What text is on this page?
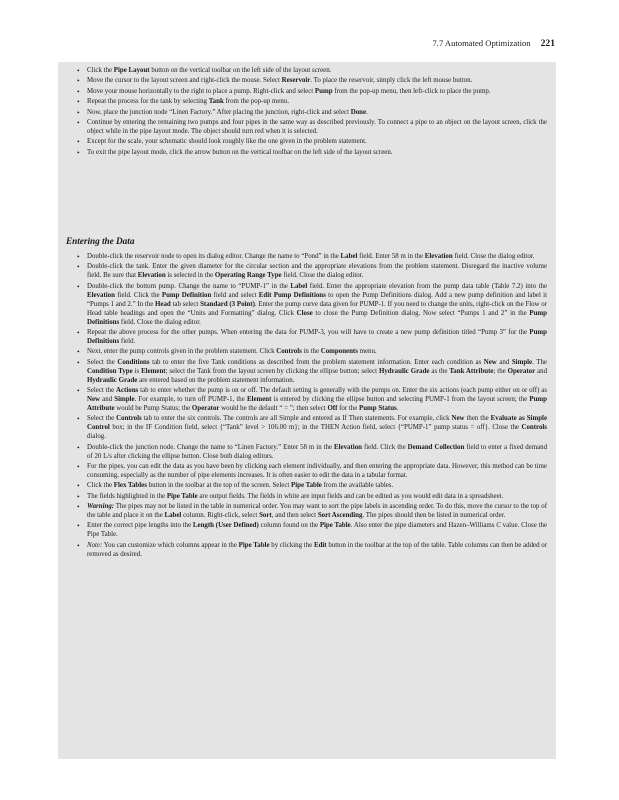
7.7 Automated Optimization 221
• Click the Pipe Layout button on the vertical toolbar on the left side of the layout screen.
• Move the cursor to the layout screen and right-click the mouse. Select Reservoir. To place the reservoir, simply click the left mouse button.
• Move your mouse horizontally to the right to place a pump. Right-click and select Pump from the pop-up menu, then left-click to place the pump.
• Repeat the process for the tank by selecting Tank from the pop-up menu.
• Now, place the junction node “Linen Factory.” After placing the junction, right-click and select Done.
• Continue by entering the remaining two pumps and four pipes in the same way as described previously. To connect a pipe to an object on the layout screen, click the object while in the pipe layout mode. The object should turn red when it is selected.
• Except for the scale, your schematic should look roughly like the one given in the problem statement.
• To exit the pipe layout mode, click the arrow button on the vertical toolbar on the left side of the layout screen.
Entering the Data
• Double-click the reservoir node to open its dialog editor. Change the name to “Pond” in the Label field. Enter 58 m in the Elevation field. Close the dialog editor.
• Double-click the tank. Enter the given diameter for the circular section and the appropriate elevations from the problem statement. Disregard the inactive volume field. Be sure that Elevation is selected in the Operating Range Type field. Close the dialog editor.
• Double-click the bottom pump. Change the name to “PUMP-1” in the Label field. Enter the appropriate elevation from the pump data table (Table 7.2) into the Elevation field. Click the Pump Definition field and select Edit Pump Definitions to open the Pump Definitions dialog. Add a new pump definition and label it “Pumps 1 and 2.” In the Head tab select Standard (3 Point). Enter the pump curve data given for PUMP-1. If you need to change the units, right-click on the Flow or Head table headings and open the “Units and Formatting” dialog. Click Close to close the Pump Definition dialog. Now select “Pumps 1 and 2” in the Pump Definitions field. Close the dialog editor.
• Repeat the above process for the other pumps. When entering the data for PUMP-3, you will have to create a new pump definition titled “Pump 3” for the Pump Definitions field.
• Next, enter the pump controls given in the problem statement. Click Controls in the Components menu.
• Select the Conditions tab to enter the five Tank conditions as described from the problem statement information. Enter each condition as New and Simple. The Condition Type is Element; select the Tank from the layout screen by clicking the ellipse button; select Hydraulic Grade as the Tank Attribute; the Operator and Hydraulic Grade are entered based on the problem statement information.
• Select the Actions tab to enter whether the pump is on or off. The default setting is generally with the pumps on. Enter the six actions (each pump either on or off) as New and Simple. For example, to turn off PUMP-1, the Element is entered by clicking the ellipse button and selecting PUMP-1 from the layout screen; the Pump Attribute would be Pump Status; the Operator would be the default “ = ”; then select Off for the Pump Status.
• Select the Controls tab to enter the six controls. The controls are all Simple and entered as If Then statements. For example, click New then the Evaluate as Simple Control box; in the IF Condition field, select {“Tank” level > 106.00 m}; in the THEN Action field, select {“PUMP-1” pump status = off}. Close the Controls dialog.
• Double-click the junction node. Change the name to “Linen Factory.” Enter 58 m in the Elevation field. Click the Demand Collection field to enter a fixed demand of 20 L/s after clicking the ellipse button. Close both dialog editors.
• For the pipes, you can edit the data as you have been by clicking each element individually, and then entering the appropriate data. However, this method can be time consuming, especially as the number of pipe elements increases. It is often easier to edit the data in a tabular format.
• Click the Flex Tables button in the toolbar at the top of the screen. Select Pipe Table from the available tables.
• The fields highlighted in the Pipe Table are output fields. The fields in white are input fields and can be edited as you would edit data in a spreadsheet.
• Warning: The pipes may not be listed in the table in numerical order. You may want to sort the pipe labels in ascending order. To do this, move the cursor to the top of the table and place it on the Label column. Right-click, select Sort, and then select Sort Ascending. The pipes should then be listed in numerical order.
• Enter the correct pipe lengths into the Length (User Defined) column found on the Pipe Table. Also enter the pipe diameters and Hazen–Williams C value. Close the Pipe Table.
• Note: You can customize which columns appear in the Pipe Table by clicking the Edit button in the toolbar at the top of the table. Table columns can then be added or removed as desired.
